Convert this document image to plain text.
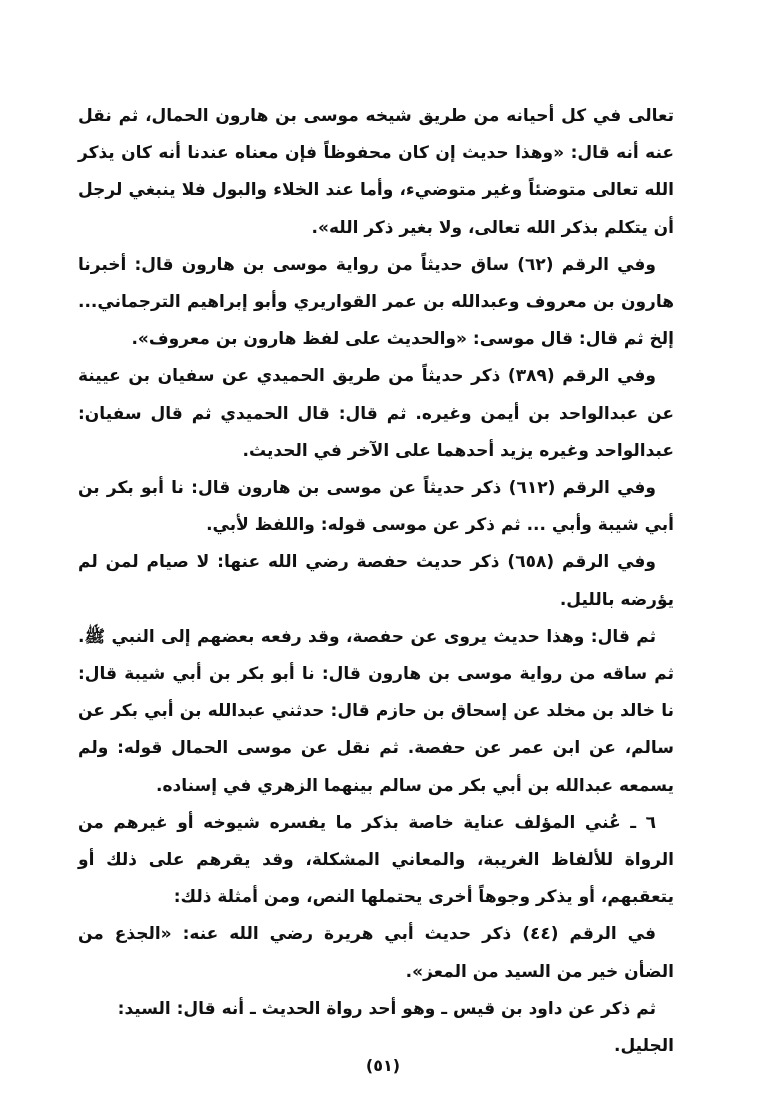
تعالى في كل أحيانه من طريق شيخه موسى بن هارون الحمال، ثم نقل عنه أنه قال: «وهذا حديث إن كان محفوظاً فإن معناه عندنا أنه كان يذكر الله تعالى متوضئاً وغير متوضيء، وأما عند الخلاء والبول فلا ينبغي لرجل أن يتكلم بذكر الله تعالى، ولا بغير ذكر الله».

وفي الرقم (٦٢) ساق حديثاً من رواية موسى بن هارون قال: أخبرنا هارون بن معروف وعبدالله بن عمر القواريري وأبو إبراهيم الترجماني... إلخ ثم قال: قال موسى: «والحديث على لفظ هارون بن معروف».

وفي الرقم (٣٨٩) ذكر حديثاً من طريق الحميدي عن سفيان بن عيينة عن عبدالواحد بن أيمن وغيره. ثم قال: قال الحميدي ثم قال سفيان: عبدالواحد وغيره يزيد أحدهما على الآخر في الحديث.

وفي الرقم (٦١٢) ذكر حديثاً عن موسى بن هارون قال: نا أبو بكر بن أبي شيبة وأبي ... ثم ذكر عن موسى قوله: واللفظ لأبي.

وفي الرقم (٦٥٨) ذكر حديث حفصة رضي الله عنها: لا صيام لمن لم يؤرضه بالليل.

ثم قال: وهذا حديث يروى عن حفصة، وقد رفعه بعضهم إلى النبي ﷺ. ثم ساقه من رواية موسى بن هارون قال: نا أبو بكر بن أبي شيبة قال: نا خالد بن مخلد عن إسحاق بن حازم قال: حدثني عبدالله بن أبي بكر عن سالم، عن ابن عمر عن حفصة. ثم نقل عن موسى الحمال قوله: ولم يسمعه عبدالله بن أبي بكر من سالم بينهما الزهري في إسناده.

٦ ـ عُني المؤلف عناية خاصة بذكر ما يفسره شيوخه أو غيرهم من الرواة للألفاظ الغريبة، والمعاني المشكلة، وقد يقرهم على ذلك أو يتعقبهم، أو يذكر وجوهاً أخرى يحتملها النص، ومن أمثلة ذلك:

في الرقم (٤٤) ذكر حديث أبي هريرة رضي الله عنه: «الجذع من الضأن خير من السيد من المعز».

ثم ذكر عن داود بن قيس ـ وهو أحد رواة الحديث ـ أنه قال: السيد: الجليل.

(٥١)
